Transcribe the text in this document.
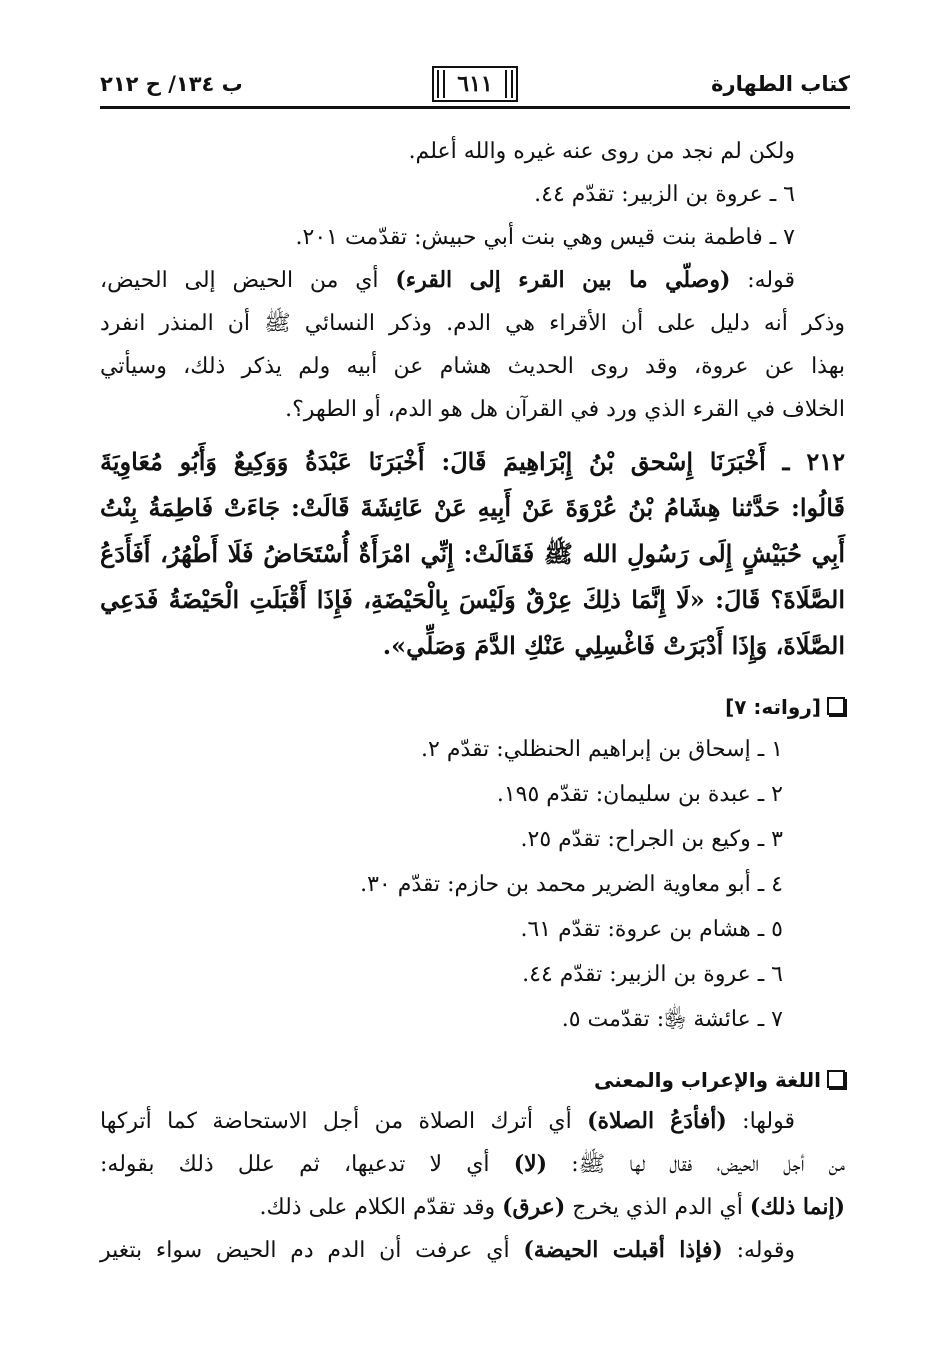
كتاب الطهارة
٦١١
ب ١٣٤/ ح ٢١٢
ولكن لم نجد من روى عنه غيره والله أعلم.
٦ ـ عروة بن الزبير: تقدّم ٤٤.
٧ ـ فاطمة بنت قيس وهي بنت أبي حبيش: تقدّمت ٢٠١.
قوله: (وصلّي ما بين القرء إلى القرء) أي من الحيض إلى الحيض،
وذكر أنه دليل على أن الأقراء هي الدم. وذكر النسائي ﷺ أن المنذر انفرد
بهذا عن عروة، وقد روى الحديث هشام عن أبيه ولم يذكر ذلك، وسيأتي
الخلاف في القرء الذي ورد في القرآن هل هو الدم، أو الطهر؟.
٢١٢ ـ أَخْبَرَنَا إِسْحق بْنُ إِبْرَاهِيمَ قَالَ: أَخْبَرَنَا عَبْدَةُ وَوَكِيعٌ وَأَبُو مُعَاوِيَةَ
قَالُوا: حَدَّثنا هِشَامُ بْنُ عُرْوَةَ عَنْ أَبِيهِ عَنْ عَائِشَةَ قَالَتْ: جَاءَتْ فَاطِمَةُ بِنْتُ
أَبِي حُبَيْشٍ إِلَى رَسُولِ الله ﷺ فَقَالَتْ: إِنِّي امْرَأَةٌ أُسْتَحَاضُ فَلَا أَطْهُرُ، أَفَأَدَعُ
الصَّلَاةَ؟ قَالَ: «لَا إِنَّمَا ذلِكَ عِرْقٌ وَلَيْسَ بِالْحَيْضَةِ، فَإِذَا أَقْبَلَتِ الْحَيْضَةُ فَدَعِي
الصَّلَاةَ، وَإِذَا أَدْبَرَتْ فَاغْسِلِي عَنْكِ الدَّمَ وَصَلِّي».
[رواته: ٧]
١ ـ إسحاق بن إبراهيم الحنظلي: تقدّم ٢.
٢ ـ عبدة بن سليمان: تقدّم ١٩٥.
٣ ـ وكيع بن الجراح: تقدّم ٢٥.
٤ ـ أبو معاوية الضرير محمد بن حازم: تقدّم ٣٠.
٥ ـ هشام بن عروة: تقدّم ٦١.
٦ ـ عروة بن الزبير: تقدّم ٤٤.
٧ ـ عائشة ﵂: تقدّمت ٥.
اللغة والإعراب والمعنى
قولها: (أفأدَعُ الصلاة) أي أترك الصلاة من أجل الاستحاضة كما أتركها
من أجل الحيض، فقال لها ﷺ: (لا) أي لا تدعيها، ثم علل ذلك بقوله:
(إنما ذلك) أي الدم الذي يخرج (عرق) وقد تقدّم الكلام على ذلك.
وقوله: (فإذا أقبلت الحيضة) أي عرفت أن الدم دم الحيض سواء بتغير
